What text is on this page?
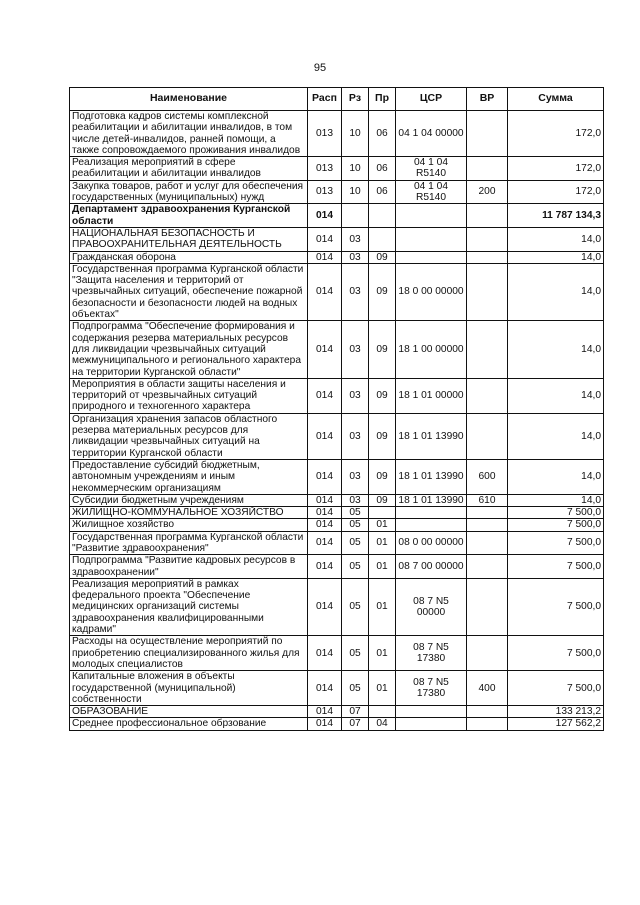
95
Наименование	Расп	Рз	Пр	ЦСР	ВР	Сумма
Подготовка кадров системы комплексной реабилитации и абилитации инвалидов, в том числе детей-инвалидов, ранней помощи, а также сопровождаемого проживания инвалидов	013	10	06	04 1 04 00000		172,0
Реализация мероприятий в сфере реабилитации и абилитации инвалидов	013	10	06	04 1 04 R5140		172,0
Закупка товаров, работ и услуг для обеспечения государственных (муниципальных) нужд	013	10	06	04 1 04 R5140	200	172,0
Департамент здравоохранения Курганской области	014					11 787 134,3
НАЦИОНАЛЬНАЯ БЕЗОПАСНОСТЬ И ПРАВООХРАНИТЕЛЬНАЯ ДЕЯТЕЛЬНОСТЬ	014	03				14,0
Гражданская оборона	014	03	09			14,0
Государственная программа Курганской области "Защита населения и территорий от чрезвычайных ситуаций, обеспечение пожарной безопасности и безопасности людей на водных объектах"	014	03	09	18 0 00 00000		14,0
Подпрограмма "Обеспечение формирования и содержания резерва материальных ресурсов для ликвидации чрезвычайных ситуаций межмуниципального и регионального характера на территории Курганской области"	014	03	09	18 1 00 00000		14,0
Мероприятия в области защиты населения и территорий от чрезвычайных ситуаций природного и техногенного характера	014	03	09	18 1 01 00000		14,0
Организация хранения запасов областного резерва материальных ресурсов для ликвидации чрезвычайных ситуаций на территории Курганской области	014	03	09	18 1 01 13990		14,0
Предоставление субсидий бюджетным, автономным учреждениям и иным некоммерческим организациям	014	03	09	18 1 01 13990	600	14,0
Субсидии бюджетным учреждениям	014	03	09	18 1 01 13990	610	14,0
ЖИЛИЩНО-КОММУНАЛЬНОЕ ХОЗЯЙСТВО	014	05				7 500,0
Жилищное хозяйство	014	05	01			7 500,0
Государственная программа Курганской области "Развитие здравоохранения"	014	05	01	08 0 00 00000		7 500,0
Подпрограмма "Развитие кадровых ресурсов в здравоохранении"	014	05	01	08 7 00 00000		7 500,0
Реализация мероприятий в рамках федерального проекта "Обеспечение медицинских организаций системы здравоохранения квалифицированными кадрами"	014	05	01	08 7 N5 00000		7 500,0
Расходы на осуществление мероприятий по приобретению специализированного жилья для молодых специалистов	014	05	01	08 7 N5 17380		7 500,0
Капитальные вложения в объекты государственной (муниципальной) собственности	014	05	01	08 7 N5 17380	400	7 500,0
ОБРАЗОВАНИЕ	014	07				133 213,2
Среднее профессиональное обрзование	014	07	04			127 562,2
